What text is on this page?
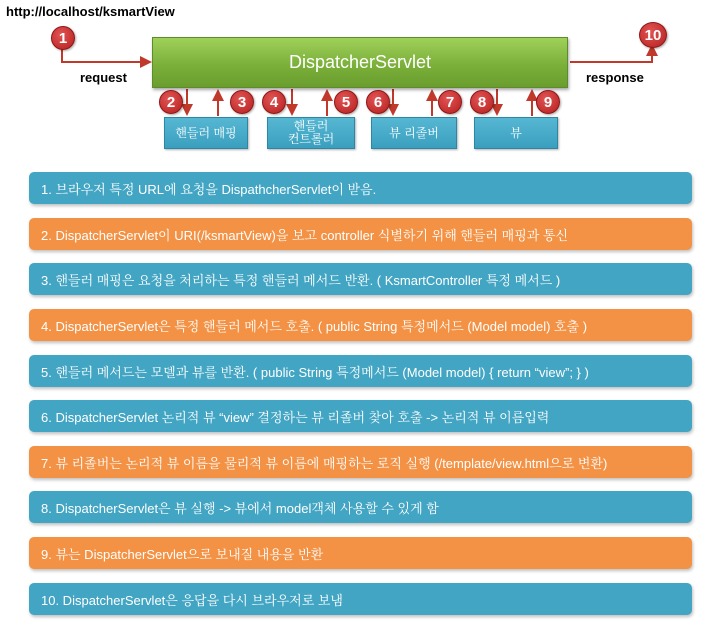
http://localhost/ksmartView
request	response
DispatcherServlet
1
2	3	4	5	6	7	8	9
10
핸들러 매핑	핸들러
컨트롤러	뷰 리졸버	뷰
1. 브라우저 특정 URL에 요청을 DispathcherServlet이 받음.
2. DispatcherServlet이 URI(/ksmartView)을 보고 controller 식별하기 위해 핸들러 매핑과 통신
3. 핸들러 매핑은 요청을 처리하는 특정 핸들러 메서드 반환. ( KsmartController 특정 메서드 )
4. DispatcherServlet은 특정 핸들러 메서드 호출. ( public String 특정메서드 (Model model) 호출 )
5. 핸들러 메서드는 모델과 뷰를 반환. ( public String 특정메서드 (Model model) { return “view”; } )
6. DispatcherServlet 논리적 뷰 “view” 결정하는 뷰 리졸버 찾아 호출 -> 논리적 뷰 이름입력
7. 뷰 리졸버는 논리적 뷰 이름을 물리적 뷰 이름에 매핑하는 로직 실행 (/template/view.html으로 변환)
8. DispatcherServlet은 뷰 실행 -> 뷰에서 model객체 사용할 수 있게 함
9. 뷰는 DispatcherServlet으로 보내질 내용을 반환
10. DispatcherServlet은 응답을 다시 브라우저로 보냄
